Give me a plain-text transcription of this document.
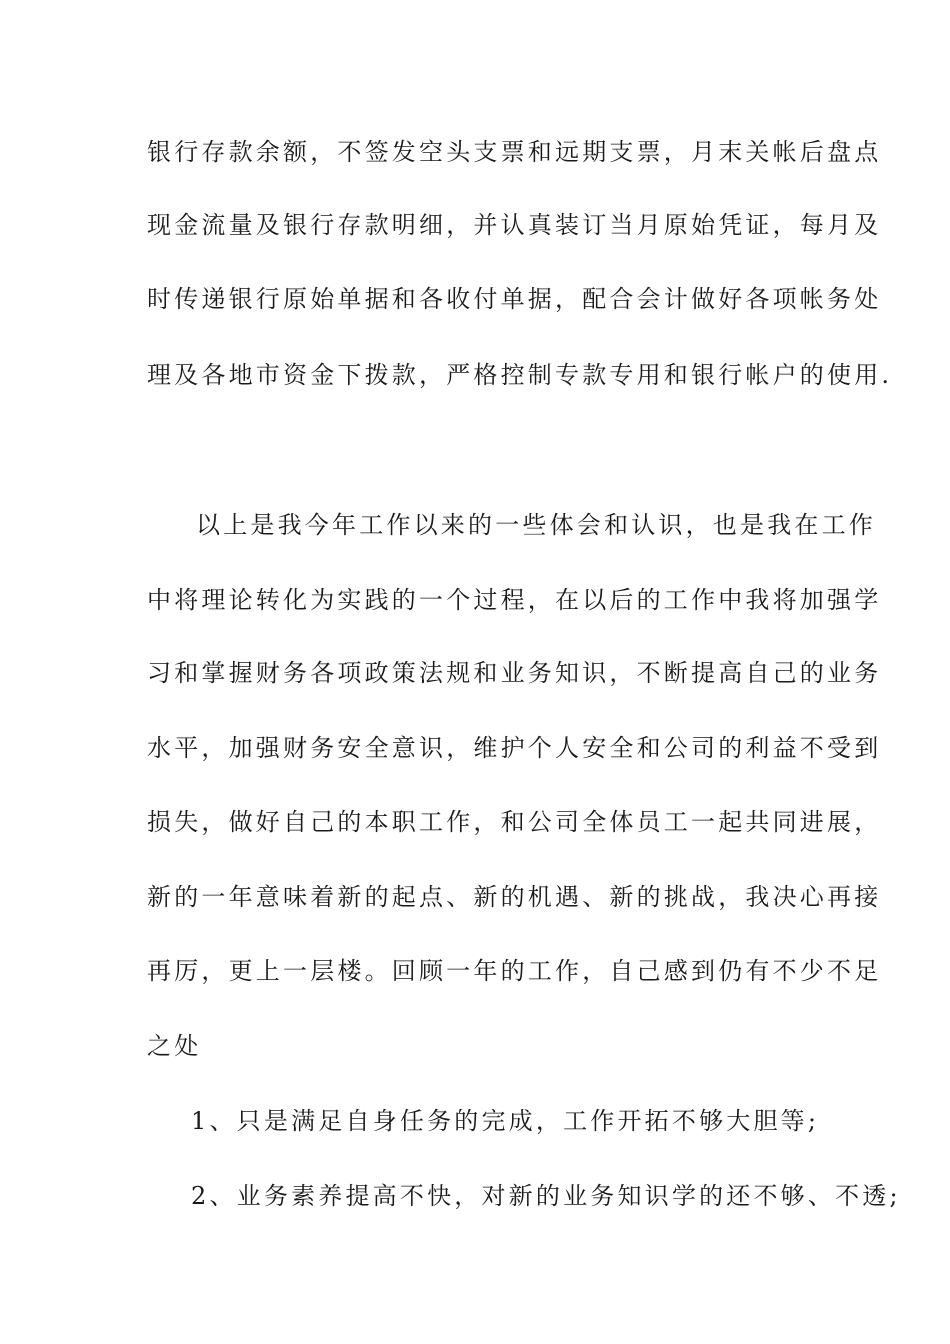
银行存款余额，不签发空头支票和远期支票，月末关帐后盘点
现金流量及银行存款明细，并认真装订当月原始凭证，每月及
时传递银行原始单据和各收付单据，配合会计做好各项帐务处
理及各地市资金下拨款，严格控制专款专用和银行帐户的使用.
以上是我今年工作以来的一些体会和认识，也是我在工作
中将理论转化为实践的一个过程，在以后的工作中我将加强学
习和掌握财务各项政策法规和业务知识，不断提高自己的业务
水平，加强财务安全意识，维护个人安全和公司的利益不受到
损失，做好自己的本职工作，和公司全体员工一起共同进展，
新的一年意味着新的起点、新的机遇、新的挑战，我决心再接
再厉，更上一层楼。回顾一年的工作，自己感到仍有不少不足
之处
1、只是满足自身任务的完成，工作开拓不够大胆等;
2、业务素养提高不快，对新的业务知识学的还不够、不透;
